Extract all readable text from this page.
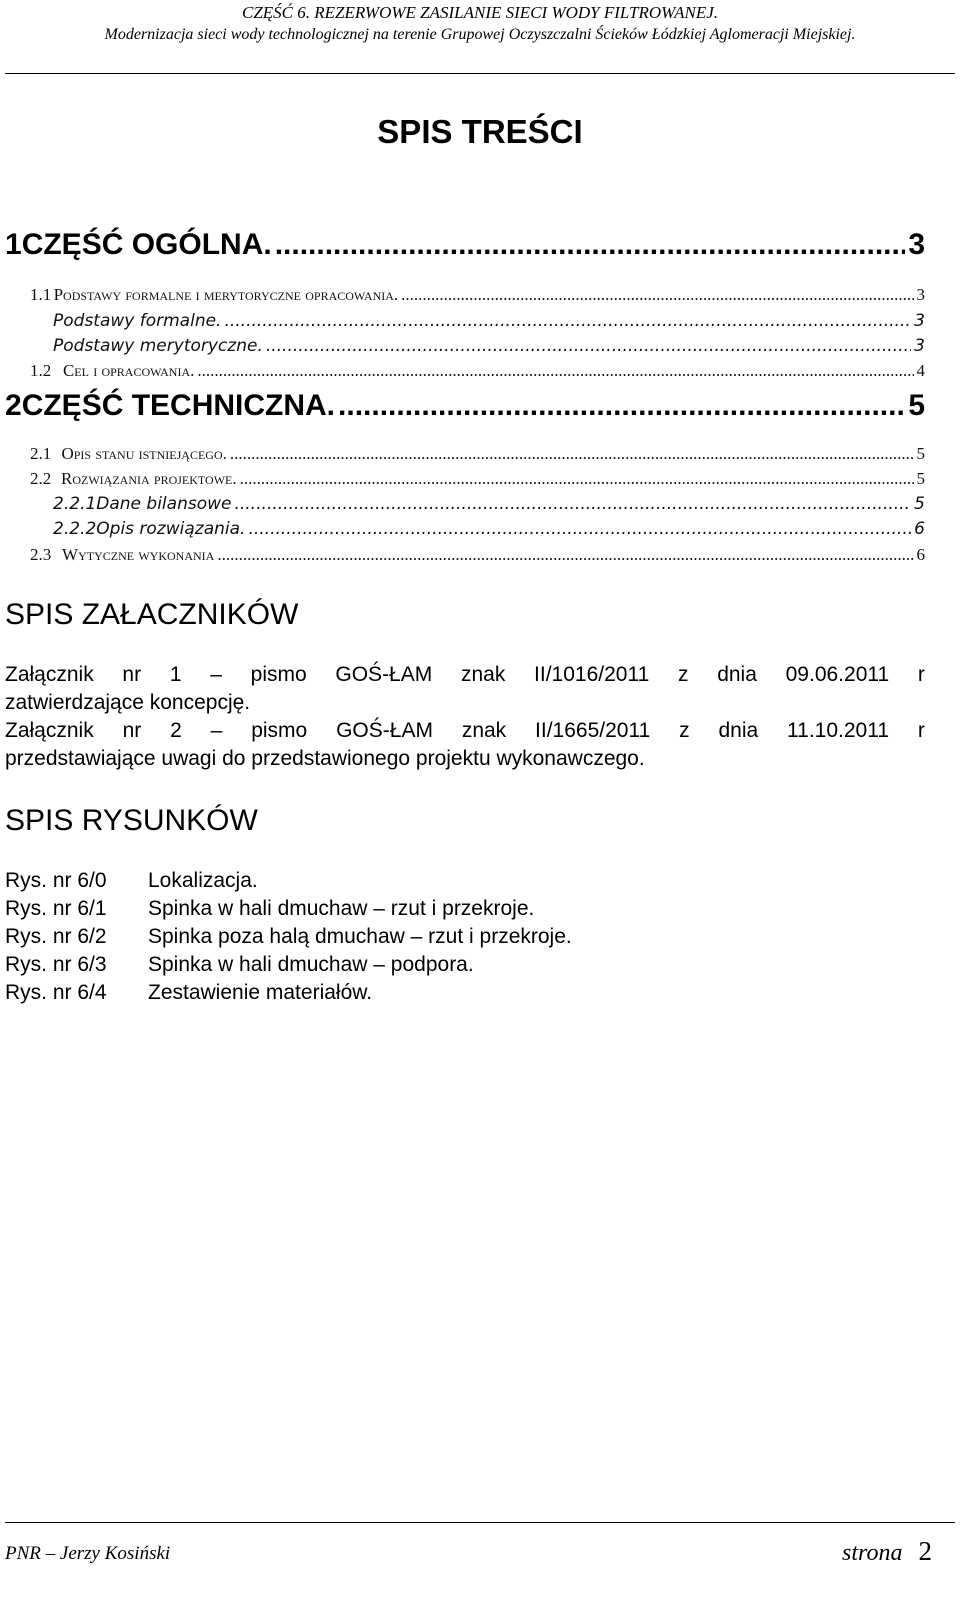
CZĘŚĆ 6. REZERWOWE ZASILANIE SIECI WODY FILTROWANEJ.
Modernizacja sieci wody technologicznej na terenie Grupowej Oczyszczalni Ścieków Łódzkiej Aglomeracji Miejskiej.
SPIS TREŚCI
1 CZĘŚĆ OGÓLNA. .....	3
1.1 Podstawy formalne i merytoryczne opracowania. .....	3
Podstawy formalne. .....	3
Podstawy merytoryczne. .....	3
1.2 Cel i opracowania. .....	4
2 CZĘŚĆ TECHNICZNA. .....	5
2.1 Opis stanu istniejącego. .....	5
2.2 Rozwiązania projektowe. .....	5
2.2.1 Dane bilansowe .....	5
2.2.2 Opis rozwiązania. .....	6
2.3 Wytyczne wykonania .....	6
SPIS ZAŁACZNIKÓW
Załącznik nr 1 – pismo GOŚ-ŁAM znak II/1016/2011 z dnia 09.06.2011 r
zatwierdzające koncepcję.
Załącznik nr 2 – pismo GOŚ-ŁAM znak II/1665/2011 z dnia 11.10.2011 r
przedstawiające uwagi do przedstawionego projektu wykonawczego.
SPIS RYSUNKÓW
Rys. nr 6/0	Lokalizacja.
Rys. nr 6/1	Spinka w hali dmuchaw – rzut i przekroje.
Rys. nr 6/2	Spinka poza halą dmuchaw – rzut i przekroje.
Rys. nr 6/3	Spinka w hali dmuchaw – podpora.
Rys. nr 6/4	Zestawienie materiałów.
PNR – Jerzy Kosiński	strona 2
